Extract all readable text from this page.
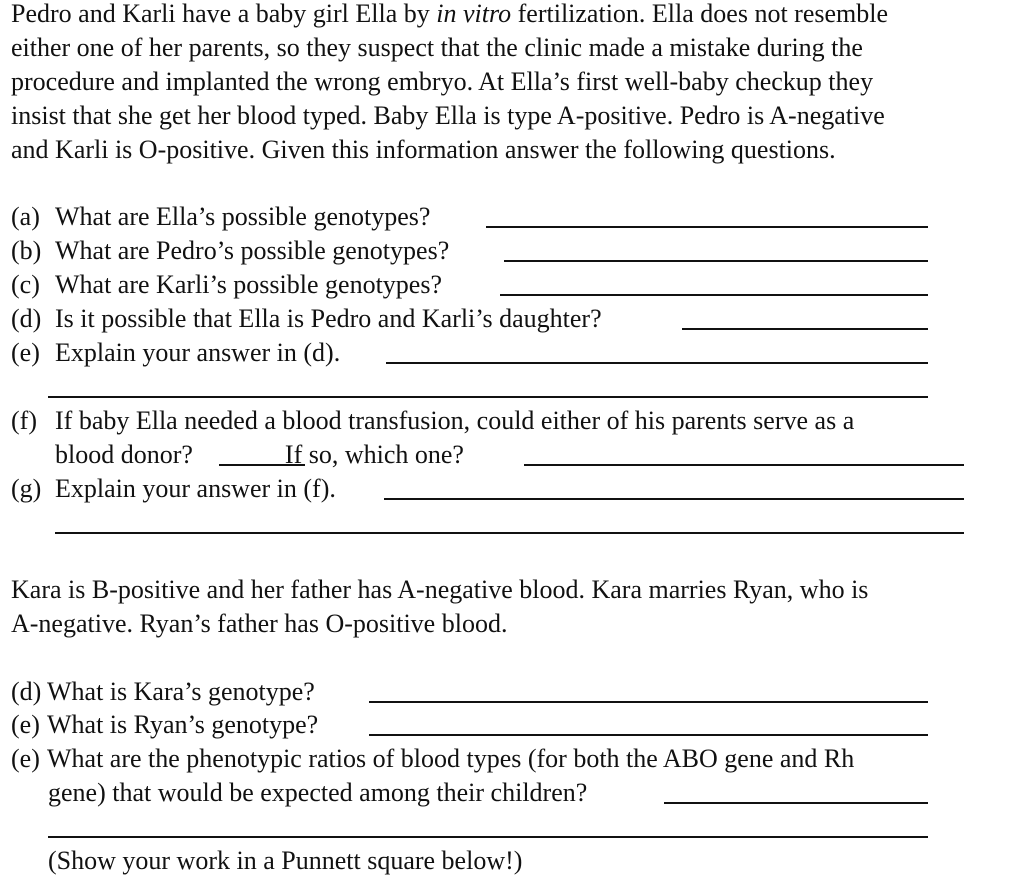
Pedro and Karli have a baby girl Ella by in vitro fertilization. Ella does not resemble
either one of her parents, so they suspect that the clinic made a mistake during the
procedure and implanted the wrong embryo. At Ella’s first well-baby checkup they
insist that she get her blood typed. Baby Ella is type A-positive. Pedro is A-negative
and Karli is O-positive. Given this information answer the following questions.
(a) What are Ella’s possible genotypes?
(b) What are Pedro’s possible genotypes?
(c) What are Karli’s possible genotypes?
(d) Is it possible that Ella is Pedro and Karli’s daughter?
(e) Explain your answer in (d).
(f) If baby Ella needed a blood transfusion, could either of his parents serve as a
blood donor?	If so, which one?
(g) Explain your answer in (f).
Kara is B-positive and her father has A-negative blood. Kara marries Ryan, who is
A-negative. Ryan’s father has O-positive blood.
(d) What is Kara’s genotype?
(e) What is Ryan’s genotype?
(e) What are the phenotypic ratios of blood types (for both the ABO gene and Rh
gene) that would be expected among their children?
(Show your work in a Punnett square below!)
